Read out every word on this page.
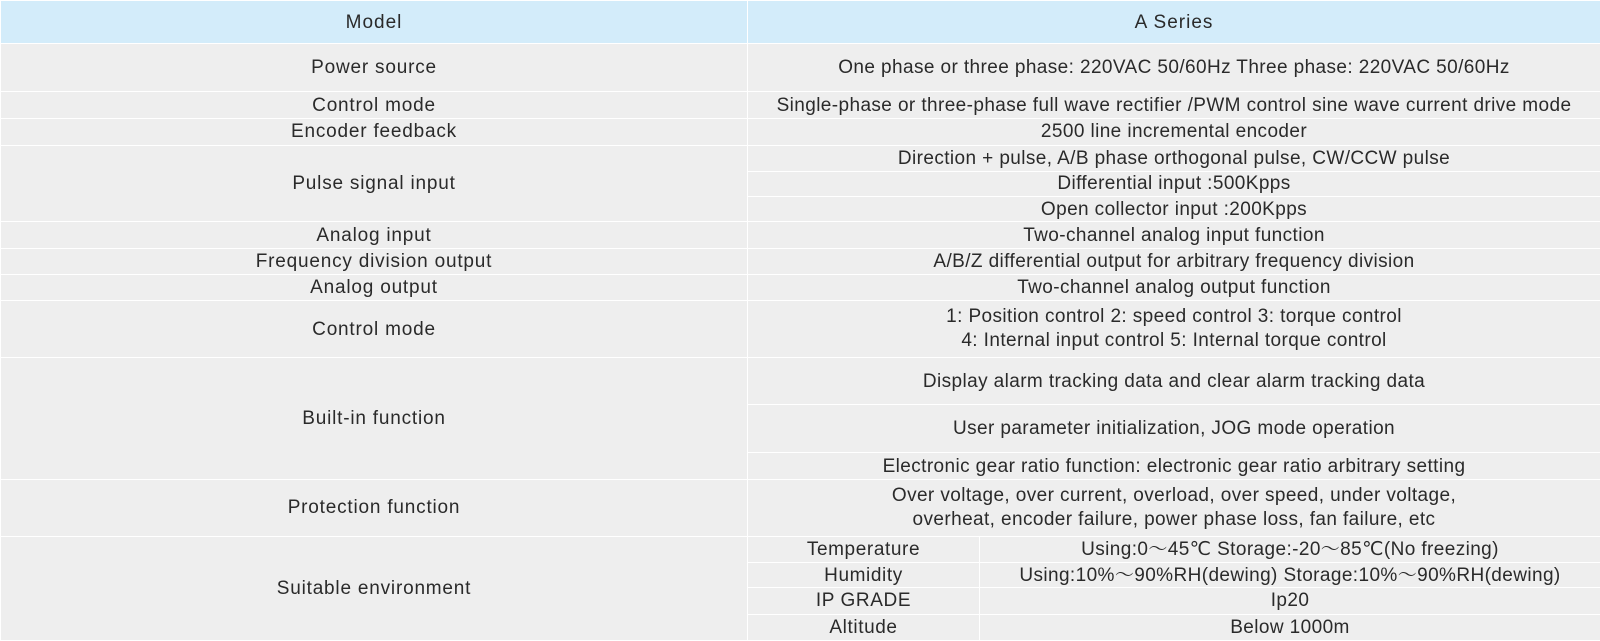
Model	A Series	
Power source	One phase or three phase: 220VAC 50/60Hz Three phase: 220VAC 50/60Hz	
Control mode	Single-phase or three-phase full wave rectifier /PWM control sine wave current drive mode	
Encoder feedback	2500 line incremental encoder	
Pulse signal input	Direction + pulse, A/B phase orthogonal pulse, CW/CCW pulse	
	Differential input :500Kpps	
	Open collector input :200Kpps	
Analog input	Two-channel analog input function	
Frequency division output	A/B/Z differential output for arbitrary frequency division	
Analog output	Two-channel analog output function	
Control mode	1: Position control 2: speed control 3: torque control
4: Internal input control 5: Internal torque control	

Built-in function	Display alarm tracking data and clear alarm tracking data	
	User parameter initialization, JOG mode operation	
	Electronic gear ratio function: electronic gear ratio arbitrary setting	
Protection function	Over voltage, over current, overload, over speed, under voltage,
overheat, encoder failure, power phase loss, fan failure, etc	

Suitable environment	Temperature	Using:0～45℃ Storage:-20～85℃(No freezing)
	Humidity	Using:10%～90%RH(dewing) Storage:10%～90%RH(dewing)
	IP GRADE	Ip20
	Altitude	Below 1000m
